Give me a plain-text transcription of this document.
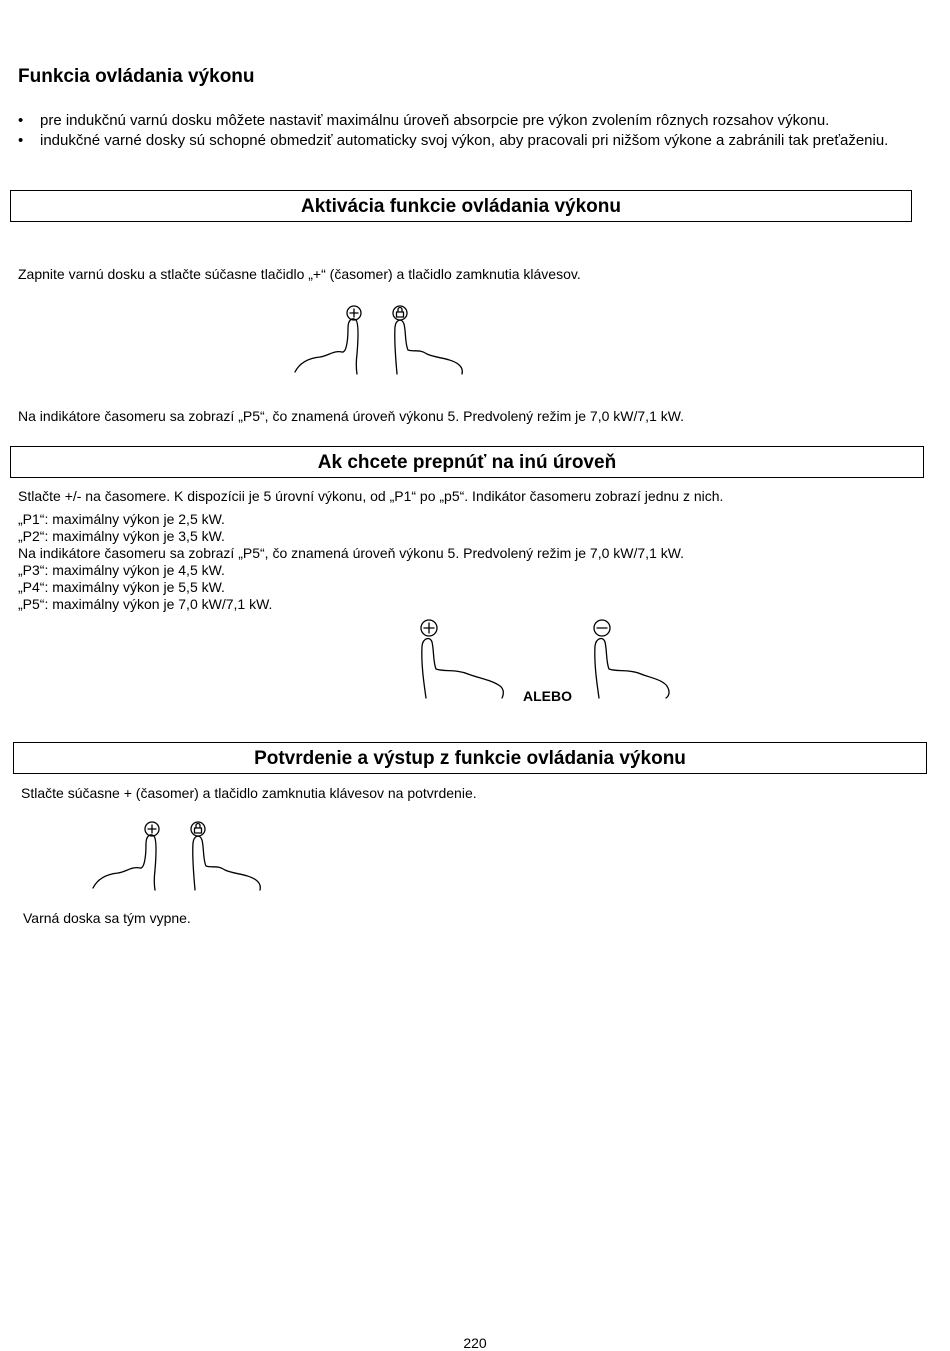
Funkcia ovládania výkonu
• pre indukčnú varnú dosku môžete nastaviť maximálnu úroveň absorpcie pre výkon zvolením rôznych rozsahov výkonu.
• indukčné varné dosky sú schopné obmedziť automaticky svoj výkon, aby pracovali pri nižšom výkone a zabránili tak preťaženiu.
Aktivácia funkcie ovládania výkonu
Zapnite varnú dosku a stlačte súčasne tlačidlo „+“ (časomer) a tlačidlo zamknutia klávesov.
Na indikátore časomeru sa zobrazí „P5“, čo znamená úroveň výkonu 5. Predvolený režim je 7,0 kW/7,1 kW.
Ak chcete prepnúť na inú úroveň
Stlačte +/- na časomere. K dispozícii je 5 úrovní výkonu, od „P1“ po „p5“. Indikátor časomeru zobrazí jednu z nich.
„P1“: maximálny výkon je 2,5 kW.
„P2“: maximálny výkon je 3,5 kW.
Na indikátore časomeru sa zobrazí „P5“, čo znamená úroveň výkonu 5. Predvolený režim je 7,0 kW/7,1 kW.
„P3“: maximálny výkon je 4,5 kW.
„P4“: maximálny výkon je 5,5 kW.
„P5“: maximálny výkon je 7,0 kW/7,1 kW.
ALEBO
Potvrdenie a výstup z funkcie ovládania výkonu
Stlačte súčasne + (časomer) a tlačidlo zamknutia klávesov na potvrdenie.
Varná doska sa tým vypne.
220
